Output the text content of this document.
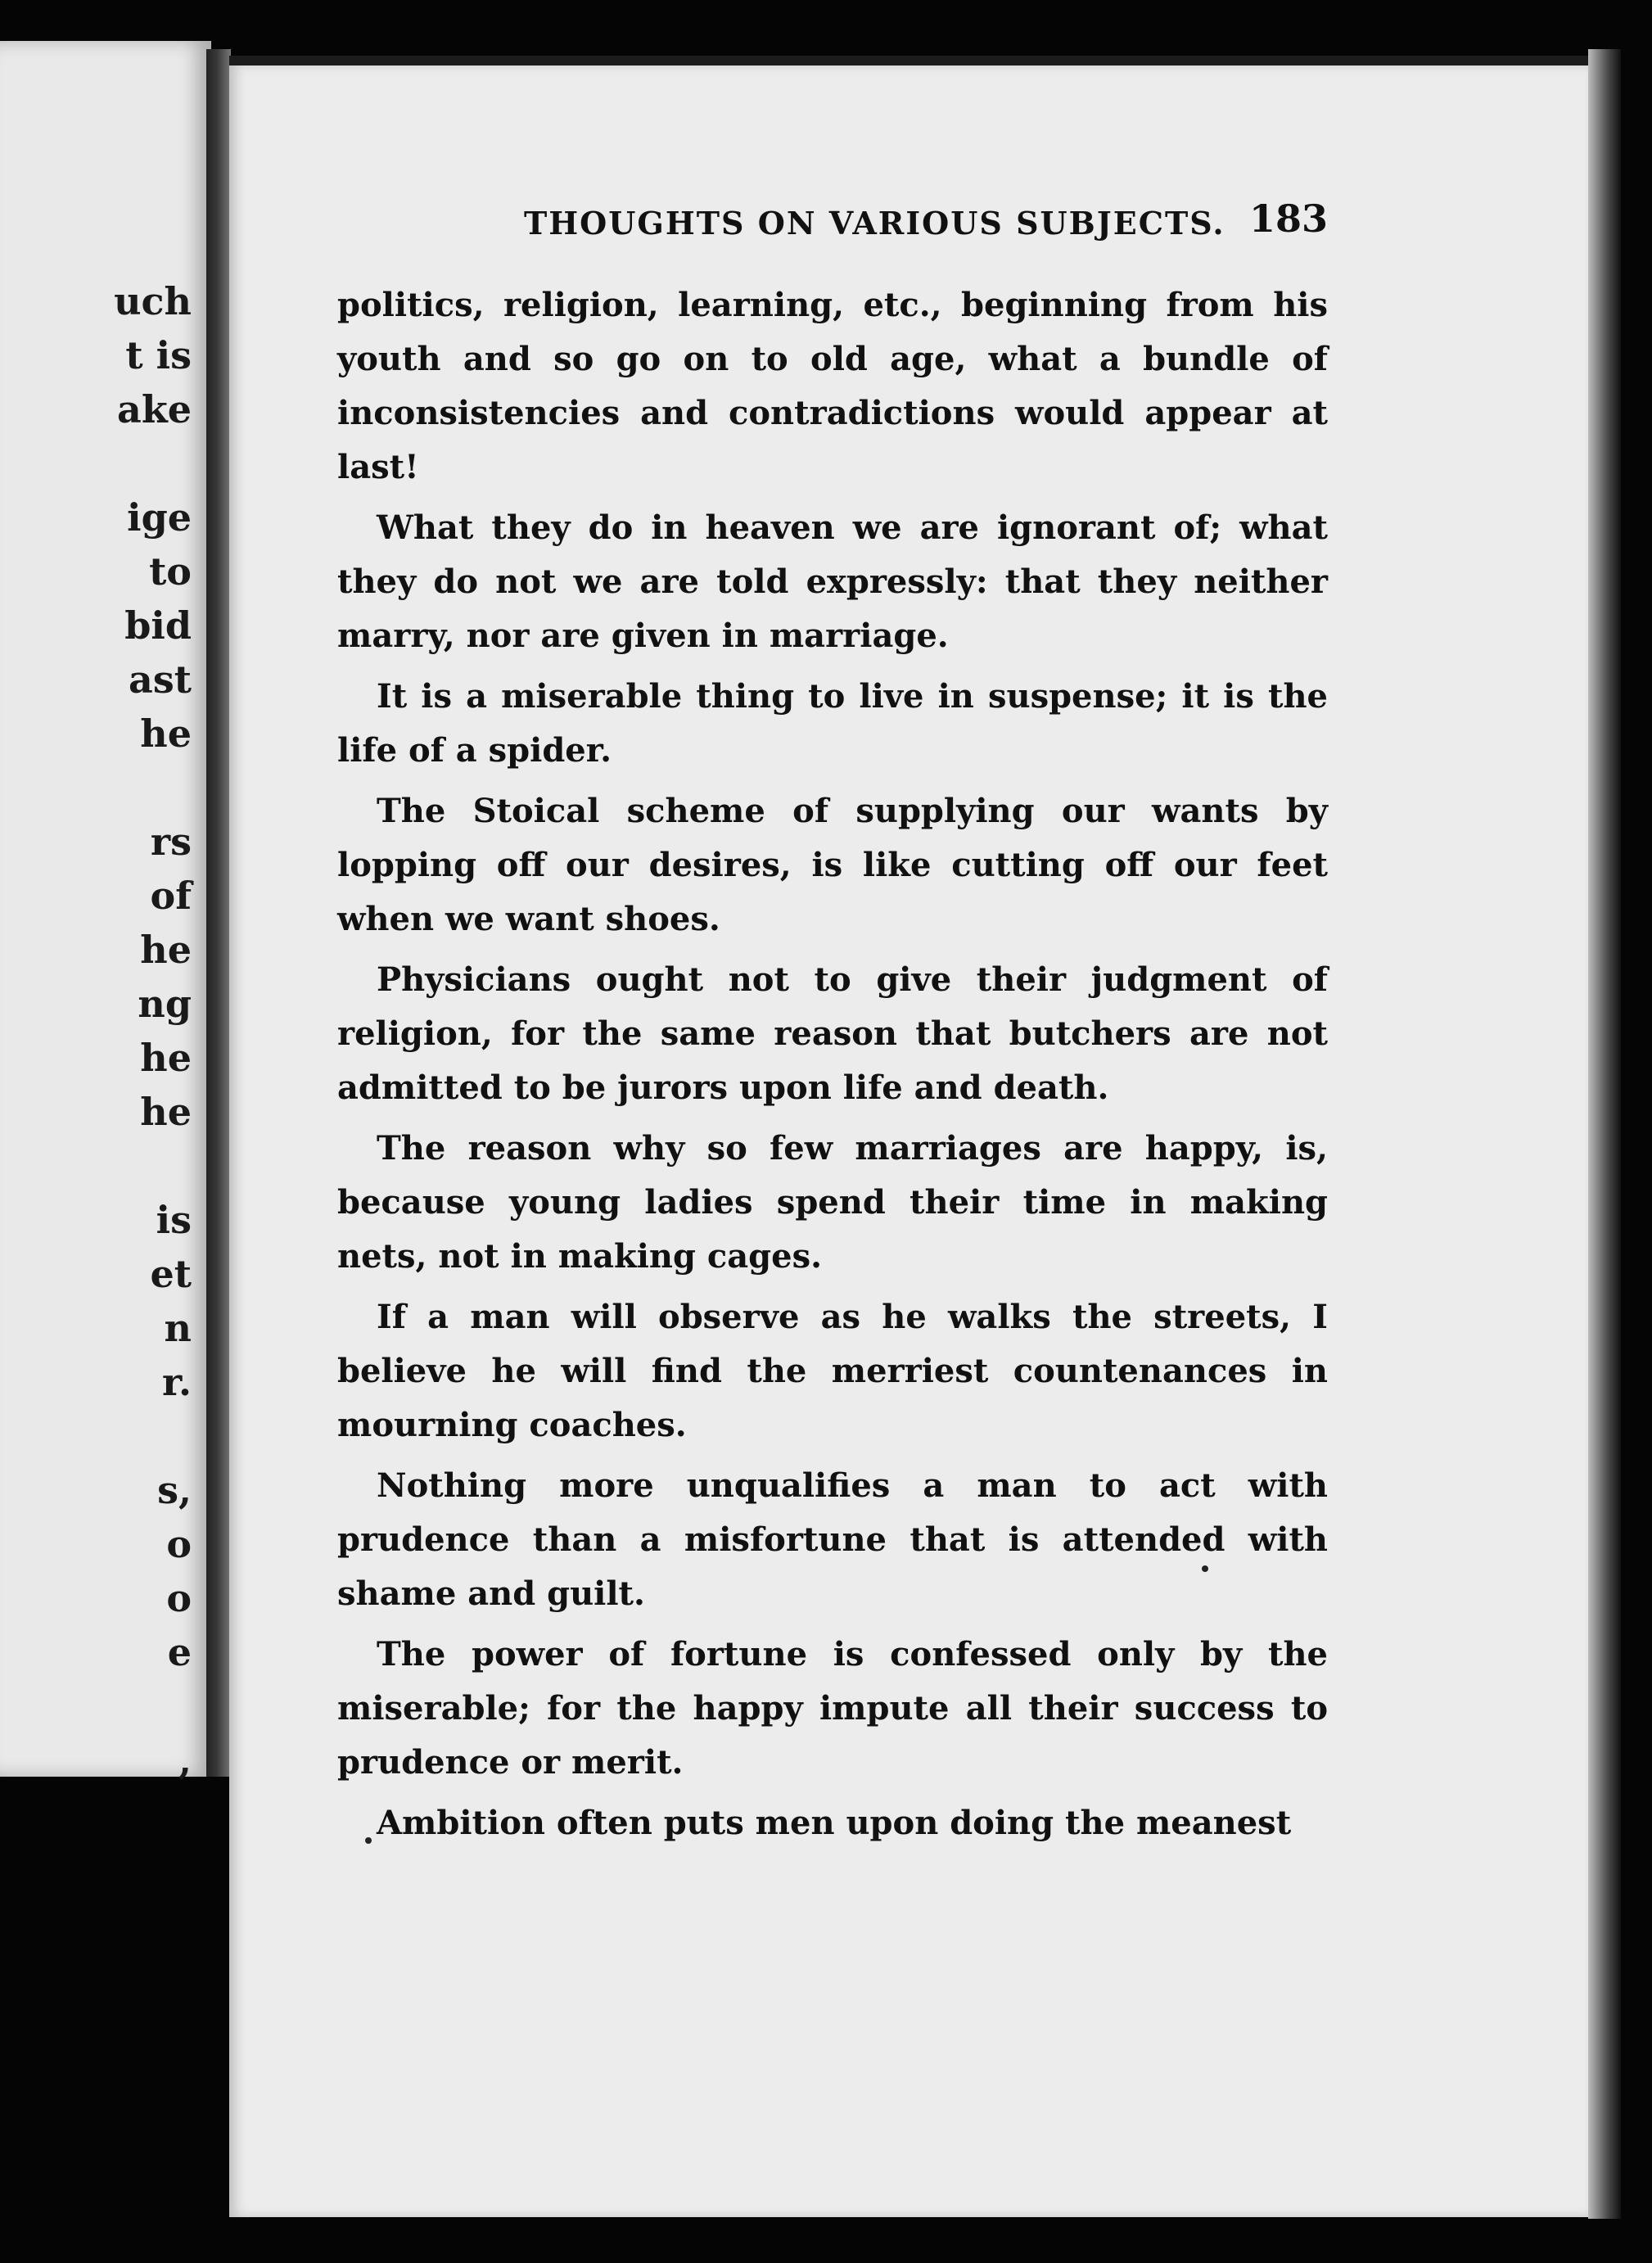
uch
t is
ake
ige
to
bid
ast
he
rs
of
he
ng
he
he
is
et
n
r.
s,
o
o
e
,
THOUGHTS ON VARIOUS SUBJECTS. 183

politics, religion, learning, etc., beginning from his youth and so go on to old age, what a bundle of inconsistencies and contradictions would appear at last!

What they do in heaven we are ignorant of; what they do not we are told expressly: that they neither marry, nor are given in marriage.

It is a miserable thing to live in suspense; it is the life of a spider.

The Stoical scheme of supplying our wants by lopping off our desires, is like cutting off our feet when we want shoes.

Physicians ought not to give their judgment of religion, for the same reason that butchers are not admitted to be jurors upon life and death.

The reason why so few marriages are happy, is, because young ladies spend their time in making nets, not in making cages.

If a man will observe as he walks the streets, I believe he will find the merriest countenances in mourning coaches.

Nothing more unqualifies a man to act with prudence than a misfortune that is attended with shame and guilt.

The power of fortune is confessed only by the miserable; for the happy impute all their success to prudence or merit.

Ambition often puts men upon doing the meanest
